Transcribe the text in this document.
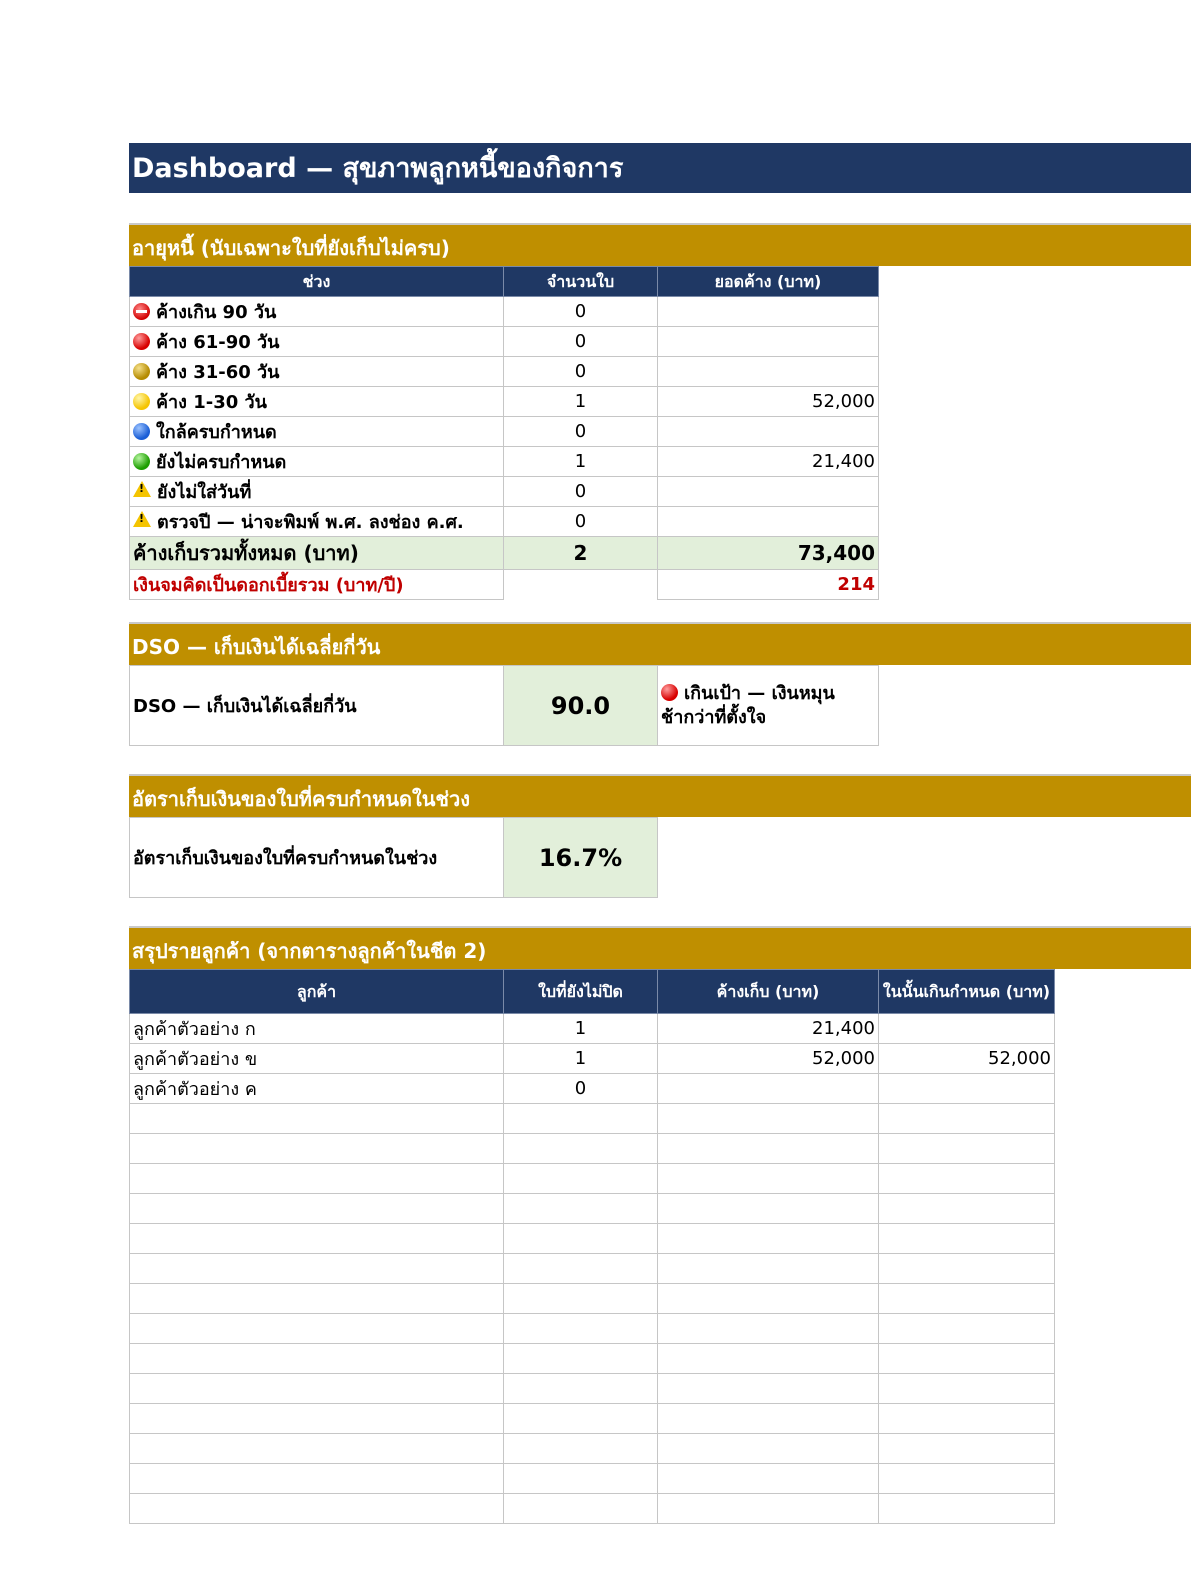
Dashboard — สุขภาพลูกหนี้ของกิจการ
อายุหนี้ (นับเฉพาะใบที่ยังเก็บไม่ครบ)
ช่วง	จำนวนใบ	ยอดค้าง (บาท)
ค้างเกิน 90 วัน	0	
ค้าง 61-90 วัน	0	
ค้าง 31-60 วัน	0	
ค้าง 1-30 วัน	1	52,000
ใกล้ครบกำหนด	0	
ยังไม่ครบกำหนด	1	21,400
!ยังไม่ใส่วันที่	0	
!ตรวจปี — น่าจะพิมพ์ พ.ศ. ลงช่อง ค.ศ.	0	
ค้างเก็บรวมทั้งหมด (บาท)	2	73,400
เงินจมคิดเป็นดอกเบี้ยรวม (บาท/ปี)		214
DSO — เก็บเงินได้เฉลี่ยกี่วัน
DSO — เก็บเงินได้เฉลี่ยกี่วัน	90.0	เกินเป้า — เงินหมุน
ช้ากว่าที่ตั้งใจ
อัตราเก็บเงินของใบที่ครบกำหนดในช่วง
อัตราเก็บเงินของใบที่ครบกำหนดในช่วง	16.7%
สรุปรายลูกค้า (จากตารางลูกค้าในชีต 2)
ลูกค้า	ใบที่ยังไม่ปิด	ค้างเก็บ (บาท)	ในนั้นเกินกำหนด (บาท)
ลูกค้าตัวอย่าง ก	1	21,400	
ลูกค้าตัวอย่าง ข	1	52,000	52,000
ลูกค้าตัวอย่าง ค	0		
